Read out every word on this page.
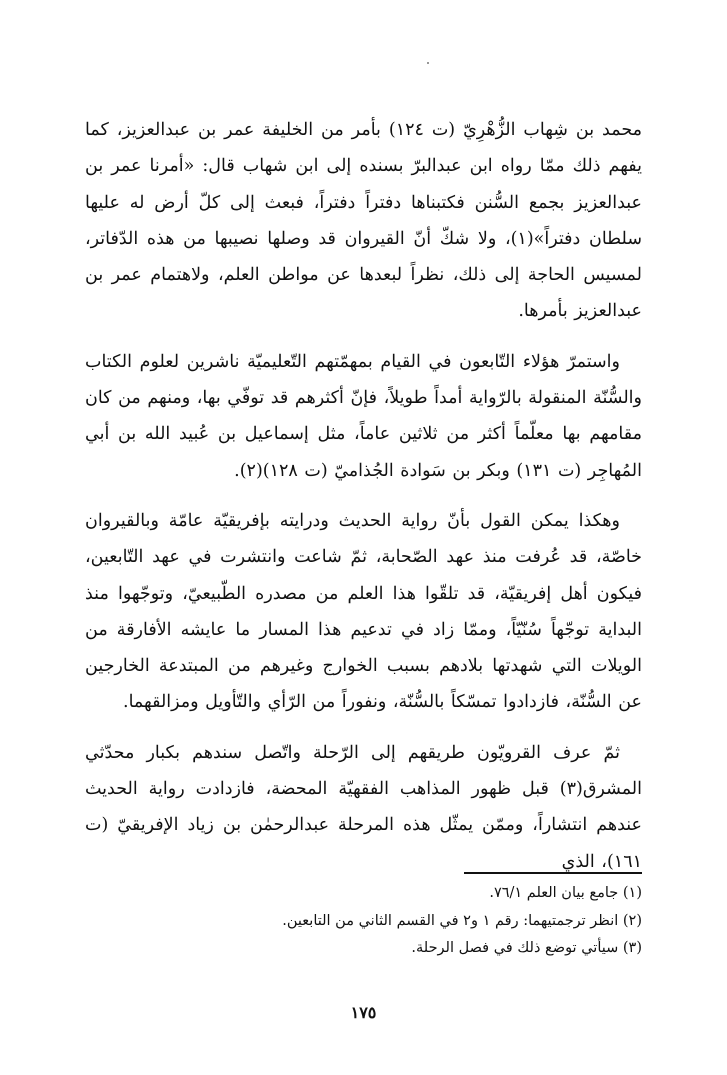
محمد بن شِهاب الزُّهْرِيّ (ت ١٢٤) بأمر من الخليفة عمر بن عبدالعزيز، كما يفهم ذلك ممّا رواه ابن عبدالبرّ بسنده إلى ابن شهاب قال: «أمرنا عمر بن عبدالعزيز بجمع السُّنن فكتبناها دفتراً دفتراً، فبعث إلى كلّ أرض له عليها سلطان دفتراً»(١)، ولا شكّ أنّ القيروان قد وصلها نصيبها من هذه الدّفاتر، لمسيس الحاجة إلى ذلك، نظراً لبعدها عن مواطن العلم، ولاهتمام عمر بن عبدالعزيز بأمرها.

واستمرّ هؤلاء التّابعون في القيام بمهمّتهم التّعليميّة ناشرين لعلوم الكتاب والسُّنّة المنقولة بالرّواية أمداً طويلاً، فإنّ أكثرهم قد توفّي بها، ومنهم من كان مقامهم بها معلّماً أكثر من ثلاثين عاماً، مثل إسماعيل بن عُبيد الله بن أبي المُهاجِر (ت ١٣١) وبكر بن سَوادة الجُذاميّ (ت ١٢٨)(٢).

وهكذا يمكن القول بأنّ رواية الحديث ودرايته بإفريقيّة عامّة وبالقيروان خاصّة، قد عُرفت منذ عهد الصّحابة، ثمّ شاعت وانتشرت في عهد التّابعين، فيكون أهل إفريقيّة، قد تلقّوا هذا العلم من مصدره الطّبيعيّ، وتوجّهوا منذ البداية توجّهاً سُنّيّاً، وممّا زاد في تدعيم هذا المسار ما عايشه الأفارقة من الويلات التي شهدتها بلادهم بسبب الخوارج وغيرهم من المبتدعة الخارجين عن السُّنّة، فازدادوا تمسّكاً بالسُّنّة، ونفوراً من الرّأي والتّأويل ومزالقهما.

ثمّ عرف القرويّون طريقهم إلى الرّحلة واتّصل سندهم بكبار محدّثي المشرق(٣) قبل ظهور المذاهب الفقهيّة المحضة، فازدادت رواية الحديث عندهم انتشاراً، وممّن يمثّل هذه المرحلة عبدالرحمٰن بن زياد الإفريقيّ (ت ١٦١)، الذي

(١) جامع بيان العلم ٧٦/١.

(٢) انظر ترجمتيهما: رقم ١ و٢ في القسم الثاني من التابعين.

(٣) سيأتي توضع ذلك في فصل الرحلة.

١٧٥
